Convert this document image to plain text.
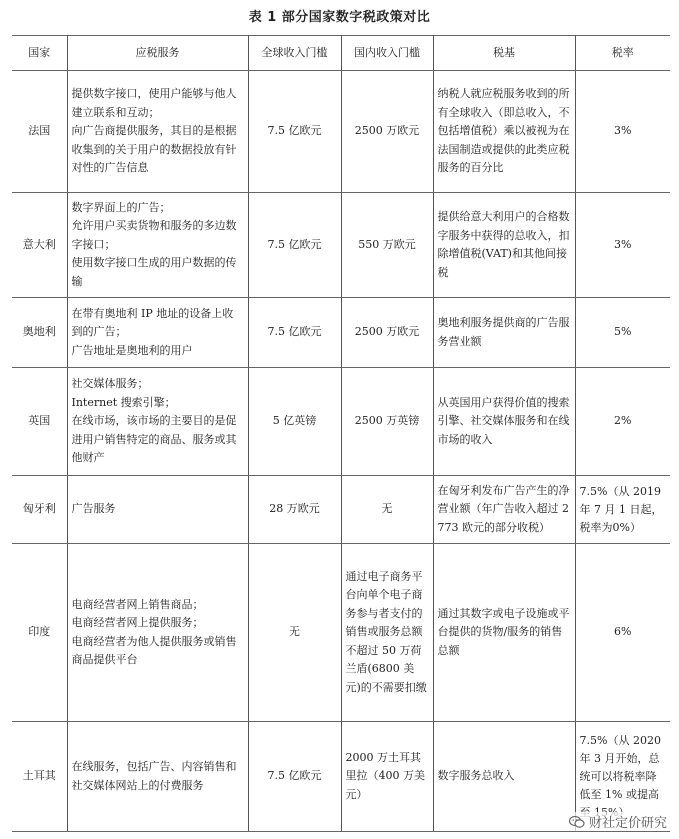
表 1 部分国家数字税政策对比
国家	应税服务	全球收入门槛	国内收入门槛	税基	税率
法国	提供数字接口，使用户能够与他人建立联系和互动；
向广告商提供服务，其目的是根据收集到的关于用户的数据投放有针对性的广告信息	7.5 亿欧元	2500 万欧元	纳税人就应税服务收到的所有全球收入（即总收入，不包括增值税）乘以被视为在法国制造或提供的此类应税服务的百分比	3%
意大利	数字界面上的广告；
允许用户买卖货物和服务的多边数字接口；
使用数字接口生成的用户数据的传输	7.5 亿欧元	550 万欧元	提供给意大利用户的合格数字服务中获得的总收入，扣除增值税(VAT)和其他间接税	3%
奥地利	在带有奥地利 IP 地址的设备上收到的广告；
广告地址是奥地利的用户	7.5 亿欧元	2500 万欧元	奥地利服务提供商的广告服务营业额	5%
英国	社交媒体服务；
Internet 搜索引擎；
在线市场，该市场的主要目的是促进用户销售特定的商品、服务或其他财产	5 亿英镑	2500 万英镑	从英国用户获得价值的搜索引擎、社交媒体服务和在线市场的收入	2%
匈牙利	广告服务	28 万欧元	无	在匈牙利发布广告产生的净营业额（年广告收入超过 2773 欧元的部分收税）	7.5%（从 2019 年 7 月 1 日起，税率为0%）
印度	电商经营者网上销售商品；
电商经营者网上提供服务；
电商经营者为他人提供服务或销售商品提供平台	无	通过电子商务平台向单个电子商务参与者支付的销售或服务总额不超过 50 万荷兰盾(6800 美元)的不需要扣缴	通过其数字或电子设施或平台提供的货物/服务的销售总额	6%
土耳其	在线服务，包括广告、内容销售和社交媒体网站上的付费服务	7.5 亿欧元	2000 万土耳其里拉（400 万美元）	数字服务总收入	7.5%（从 2020 年 3 月开始，总统可以将税率降低至 1% 或提高
财社定价研究
